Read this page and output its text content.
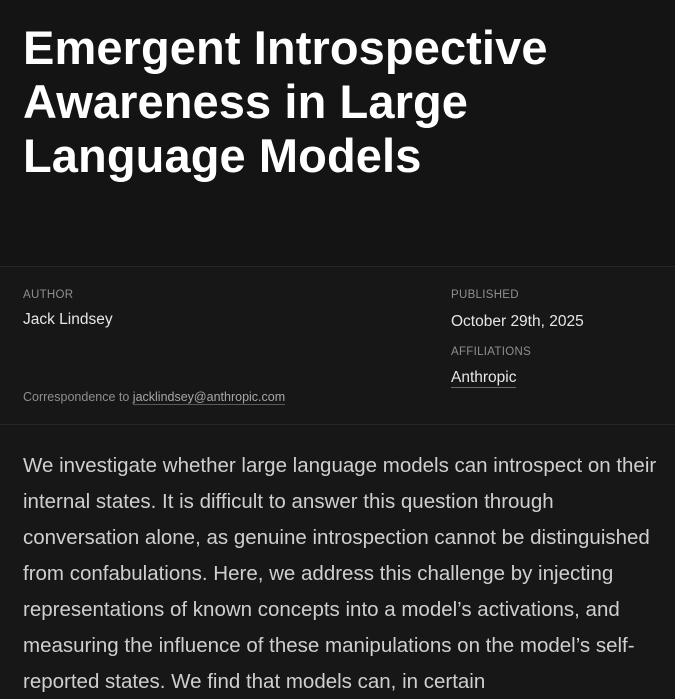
Emergent Introspective Awareness in Large Language Models
AUTHOR
Jack Lindsey
PUBLISHED
October 29th, 2025
AFFILIATIONS
Anthropic
Correspondence to jacklindsey@anthropic.com

We investigate whether large language models can introspect on their internal states. It is difficult to answer this question through conversation alone, as genuine introspection cannot be distinguished from confabulations. Here, we address this challenge by injecting representations of known concepts into a model’s activations, and measuring the influence of these manipulations on the model’s self-reported states. We find that models can, in certain
